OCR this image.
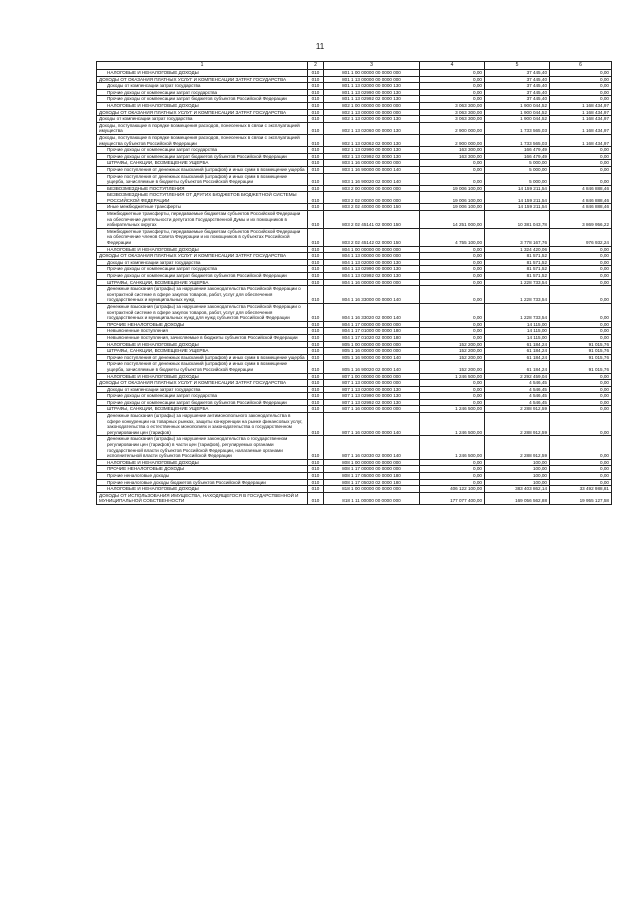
11
1	2	3	4	5	6
НАЛОГОВЫЕ И НЕНАЛОГОВЫЕ ДОХОДЫ	010	801 1 00 00000 00 0000 000	0,00	37 445,40	0,00
ДОХОДЫ ОТ ОКАЗАНИЯ ПЛАТНЫХ УСЛУГ И КОМПЕНСАЦИИ ЗАТРАТ ГОСУДАРСТВА	010	801 1 13 00000 00 0000 000	0,00	37 445,40	0,00
Доходы от компенсации затрат государства	010	801 1 13 02000 00 0000 130	0,00	37 445,40	0,00
Прочие доходы от компенсации затрат государства	010	801 1 13 02990 00 0000 130	0,00	37 445,40	0,00
Прочие доходы от компенсации затрат бюджетов субъектов Российской Федерации	010	801 1 13 02992 02 0000 130	0,00	37 445,40	0,00
НАЛОГОВЫЕ И НЕНАЛОГОВЫЕ ДОХОДЫ	010	802 1 00 00000 00 0000 000	3 063 300,00	1 900 044,52	1 168 434,97
ДОХОДЫ ОТ ОКАЗАНИЯ ПЛАТНЫХ УСЛУГ И КОМПЕНСАЦИИ ЗАТРАТ ГОСУДАРСТВА	010	802 1 13 00000 00 0000 000	3 063 300,00	1 900 044,52	1 168 434,97
Доходы от компенсации затрат государства	010	802 1 13 02000 00 0000 130	3 063 300,00	1 900 044,52	1 168 434,97
Доходы, поступающие в порядке возмещения расходов, понесенных в связи с эксплуатацией имущества	010	802 1 13 02060 00 0000 130	2 900 000,00	1 733 565,03	1 168 434,97
Доходы, поступающие в порядке возмещения расходов, понесенных в связи с эксплуатацией имущества субъектов Российской Федерации	010	802 1 13 02062 02 0000 130	2 900 000,00	1 733 565,03	1 168 434,97
Прочие доходы от компенсации затрат государства	010	802 1 13 02990 00 0000 130	163 300,00	166 479,49	0,00
Прочие доходы от компенсации затрат бюджетов субъектов Российской Федерации	010	802 1 13 02992 02 0000 130	163 300,00	166 479,49	0,00
ШТРАФЫ, САНКЦИИ, ВОЗМЕЩЕНИЕ УЩЕРБА	010	803 1 16 00000 00 0000 000	0,00	5 000,00	0,00
Прочие поступления от денежных взысканий (штрафов) и иных сумм в возмещение ущерба	010	803 1 16 90000 00 0000 140	0,00	5 000,00	0,00
Прочие поступления от денежных взысканий (штрафов) и иных сумм в возмещение ущерба, зачисляемые в бюджеты субъектов Российской Федерации	010	803 1 16 90020 02 0000 140	0,00	5 000,00	0,00
БЕЗВОЗМЕЗДНЫЕ ПОСТУПЛЕНИЯ	010	803 2 00 00000 00 0000 000	19 006 100,00	14 159 211,54	4 846 888,46
БЕЗВОЗМЕЗДНЫЕ ПОСТУПЛЕНИЯ ОТ ДРУГИХ БЮДЖЕТОВ БЮДЖЕТНОЙ СИСТЕМЫ РОССИЙСКОЙ ФЕДЕРАЦИИ	010	803 2 02 00000 00 0000 000	19 006 100,00	14 159 211,54	4 846 888,46
Иные межбюджетные трансферты	010	803 2 02 40000 00 0000 150	19 006 100,00	14 159 211,54	4 846 888,46
Межбюджетные трансферты, передаваемые бюджетам субъектов Российской Федерации на обеспечение деятельности депутатов Государственной Думы и их помощников в избирательных округах	010	803 2 02 45141 02 0000 150	14 251 000,00	10 381 043,78	3 869 956,22
Межбюджетные трансферты, передаваемые бюджетам субъектов Российской Федерации на обеспечение членов Совета Федерации и их помощников в субъектах Российской Федерации	010	803 2 02 45142 02 0000 150	4 755 100,00	3 778 167,76	976 932,24
НАЛОГОВЫЕ И НЕНАЛОГОВЫЕ ДОХОДЫ	010	804 1 00 00000 00 0000 000	0,00	1 324 420,06	0,00
ДОХОДЫ ОТ ОКАЗАНИЯ ПЛАТНЫХ УСЛУГ И КОМПЕНСАЦИИ ЗАТРАТ ГОСУДАРСТВА	010	804 1 13 00000 00 0000 000	0,00	81 571,52	0,00
Доходы от компенсации затрат государства	010	804 1 13 02000 00 0000 130	0,00	81 571,52	0,00
Прочие доходы от компенсации затрат государства	010	804 1 13 02990 00 0000 130	0,00	81 571,52	0,00
Прочие доходы от компенсации затрат бюджетов субъектов Российской Федерации	010	804 1 13 02992 02 0000 130	0,00	81 571,52	0,00
ШТРАФЫ, САНКЦИИ, ВОЗМЕЩЕНИЕ УЩЕРБА	010	804 1 16 00000 00 0000 000	0,00	1 228 733,54	0,00
Денежные взыскания (штрафы) за нарушение законодательства Российской Федерации о контрактной системе в сфере закупок товаров, работ, услуг для обеспечения государственных и муниципальных нужд	010	804 1 16 33000 00 0000 140	0,00	1 228 733,54	0,00
Денежные взыскания (штрафы) за нарушение законодательства Российской Федерации о контрактной системе в сфере закупок товаров, работ, услуг для обеспечения государственных и муниципальных нужд для нужд субъектов Российской Федерации	010	804 1 16 33020 02 0000 140	0,00	1 228 733,54	0,00
ПРОЧИЕ НЕНАЛОГОВЫЕ ДОХОДЫ	010	804 1 17 00000 00 0000 000	0,00	14 115,00	0,00
Невыясненные поступления	010	804 1 17 01000 00 0000 180	0,00	14 115,00	0,00
Невыясненные поступления, зачисляемые в бюджеты субъектов Российской Федерации	010	804 1 17 01020 02 0000 180	0,00	14 115,00	0,00
НАЛОГОВЫЕ И НЕНАЛОГОВЫЕ ДОХОДЫ	010	805 1 00 00000 00 0000 000	152 200,00	61 184,24	91 015,76
ШТРАФЫ, САНКЦИИ, ВОЗМЕЩЕНИЕ УЩЕРБА	010	805 1 16 00000 00 0000 000	152 200,00	61 184,24	91 015,76
Прочие поступления от денежных взысканий (штрафов) и иных сумм в возмещение ущерба	010	805 1 16 90000 00 0000 140	152 200,00	61 184,24	91 015,76
Прочие поступления от денежных взысканий (штрафов) и иных сумм в возмещение ущерба, зачисляемые в бюджеты субъектов Российской Федерации	010	805 1 16 90020 02 0000 140	152 200,00	61 184,24	91 015,76
НАЛОГОВЫЕ И НЕНАЛОГОВЫЕ ДОХОДЫ	010	807 1 00 00000 00 0000 000	1 246 500,00	2 292 459,04	0,00
ДОХОДЫ ОТ ОКАЗАНИЯ ПЛАТНЫХ УСЛУГ И КОМПЕНСАЦИИ ЗАТРАТ ГОСУДАРСТВА	010	807 1 13 00000 00 0000 000	0,00	4 546,45	0,00
Доходы от компенсации затрат государства	010	807 1 13 02000 00 0000 130	0,00	4 546,45	0,00
Прочие доходы от компенсации затрат государства	010	807 1 13 02990 00 0000 130	0,00	4 546,45	0,00
Прочие доходы от компенсации затрат бюджетов субъектов Российской Федерации	010	807 1 13 02992 02 0000 130	0,00	4 546,45	0,00
ШТРАФЫ, САНКЦИИ, ВОЗМЕЩЕНИЕ УЩЕРБА	010	807 1 16 00000 00 0000 000	1 246 500,00	2 288 912,59	0,00
Денежные взыскания (штрафы) за нарушение антимонопольного законодательства в сфере конкуренции на товарных рынках, защиты конкуренции на рынке финансовых услуг, законодательства о естественных монополиях и законодательства о государственном регулировании цен (тарифов)	010	807 1 16 02000 00 0000 140	1 246 500,00	2 288 912,59	0,00
Денежные взыскания (штрафы) за нарушение законодательства о государственном регулировании цен (тарифов) в части цен (тарифов), регулируемых органами государственной власти субъектов Российской Федерации, налагаемые органами исполнительной власти субъектов Российской Федерации	010	807 1 16 02030 02 0000 140	1 246 500,00	2 288 912,59	0,00
НАЛОГОВЫЕ И НЕНАЛОГОВЫЕ ДОХОДЫ	010	808 1 00 00000 00 0000 000	0,00	100,00	0,00
ПРОЧИЕ НЕНАЛОГОВЫЕ ДОХОДЫ	010	808 1 17 00000 00 0000 000	0,00	100,00	0,00
Прочие неналоговые доходы	010	808 1 17 05000 00 0000 180	0,00	100,00	0,00
Прочие неналоговые доходы бюджетов субъектов Российской Федерации	010	808 1 17 05020 02 0000 180	0,00	100,00	0,00
НАЛОГОВЫЕ И НЕНАЛОГОВЫЕ ДОХОДЫ	010	818 1 00 00000 00 0000 000	406 122 100,00	383 403 862,14	33 492 988,81
ДОХОДЫ ОТ ИСПОЛЬЗОВАНИЯ ИМУЩЕСТВА, НАХОДЯЩЕГОСЯ В ГОСУДАРСТВЕННОЙ И МУНИЦИПАЛЬНОЙ СОБСТВЕННОСТИ	010	818 1 11 00000 00 0000 000	177 077 400,00	169 056 562,88	19 955 127,58
